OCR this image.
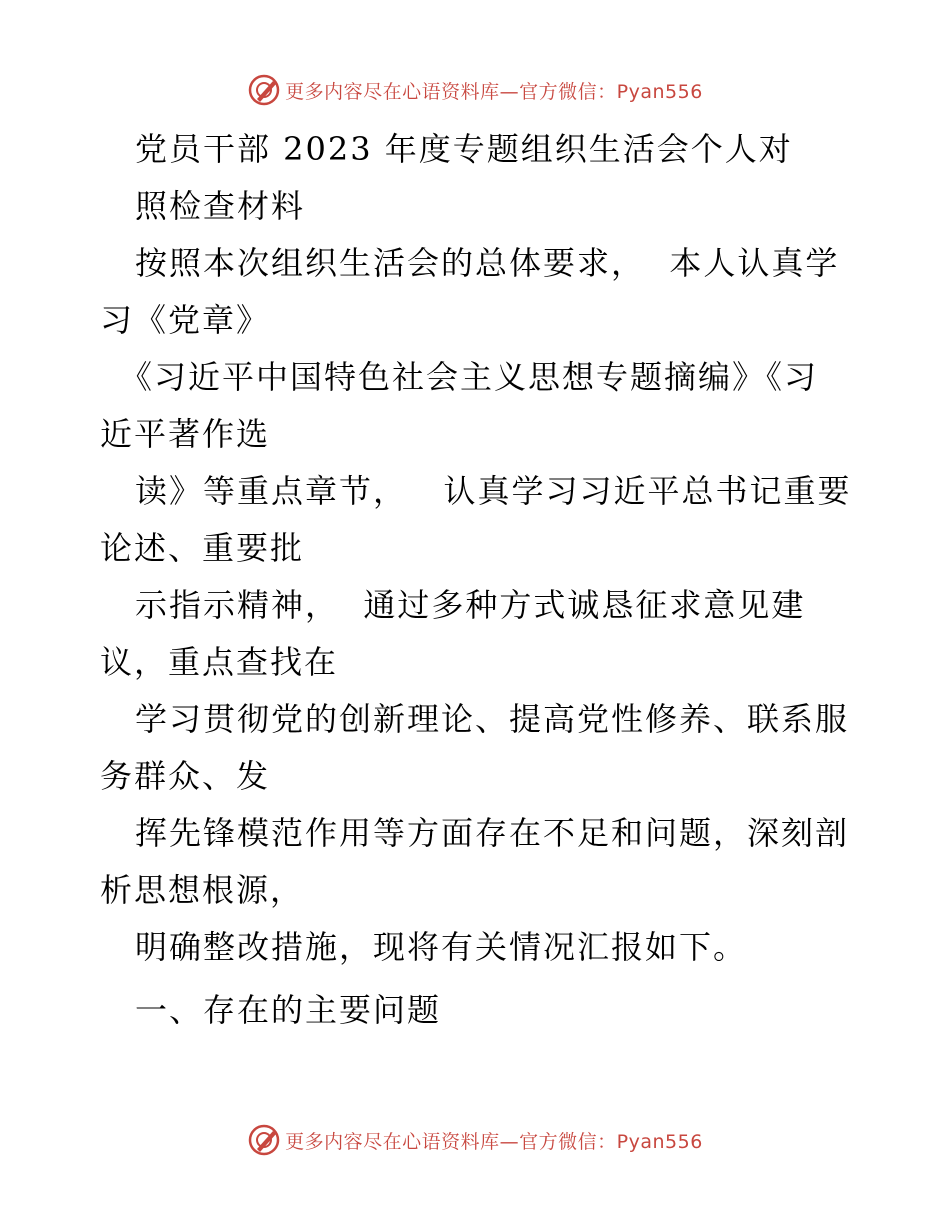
更多内容尽在心语资料库—官方微信：Pyan556
党员干部 2023 年度专题组织生活会个人对
照检查材料
按照本次组织生活会的总体要求，  本人认真学
习《党章》
《习近平中国特色社会主义思想专题摘编》《习
近平著作选
读》等重点章节，   认真学习习近平总书记重要
论述、重要批
示指示精神，  通过多种方式诚恳征求意见建
议，重点查找在
学习贯彻党的创新理论、提高党性修养、联系服
务群众、发
挥先锋模范作用等方面存在不足和问题，深刻剖
析思想根源，
明确整改措施，现将有关情况汇报如下。
一、存在的主要问题
更多内容尽在心语资料库—官方微信：Pyan556
